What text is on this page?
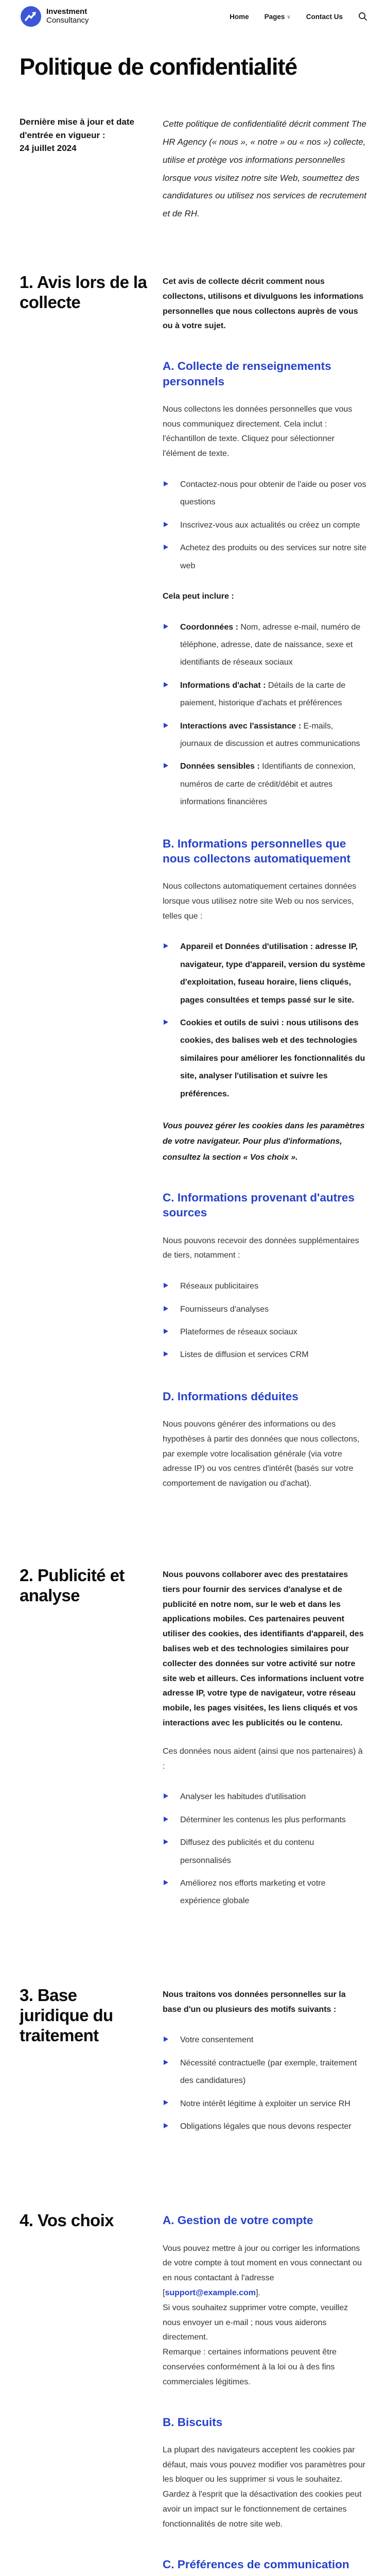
Investment
Consultancy	Home Pages ∨ Contact Us
Politique de confidentialité
Dernière mise à jour et date d'entrée en vigueur :
24 juillet 2024

Cette politique de confidentialité décrit comment The HR Agency (« nous », « notre » ou « nos ») collecte, utilise et protège vos informations personnelles lorsque vous visitez notre site Web, soumettez des candidatures ou utilisez nos services de recrutement et de RH.

1. Avis lors de la collecte

Cet avis de collecte décrit comment nous collectons, utilisons et divulguons les informations personnelles que nous collectons auprès de vous ou à votre sujet.

A. Collecte de renseignements personnels

Nous collectons les données personnelles que vous nous communiquez directement. Cela inclut : l'échantillon de texte. Cliquez pour sélectionner l'élément de texte.

Contactez-nous pour obtenir de l'aide ou poser vos questions
Inscrivez-vous aux actualités ou créez un compte
Achetez des produits ou des services sur notre site web

Cela peut inclure :

Coordonnées : Nom, adresse e-mail, numéro de téléphone, adresse, date de naissance, sexe et identifiants de réseaux sociaux
Informations d'achat : Détails de la carte de paiement, historique d'achats et préférences
Interactions avec l'assistance : E-mails, journaux de discussion et autres communications
Données sensibles : Identifiants de connexion, numéros de carte de crédit/débit et autres informations financières
B. Informations personnelles que nous collectons automatiquement

Nous collectons automatiquement certaines données lorsque vous utilisez notre site Web ou nos services, telles que :

Appareil et Données d'utilisation : adresse IP, navigateur, type d'appareil, version du système d'exploitation, fuseau horaire, liens cliqués, pages consultées et temps passé sur le site.
Cookies et outils de suivi : nous utilisons des cookies, des balises web et des technologies similaires pour améliorer les fonctionnalités du site, analyser l'utilisation et suivre les préférences.

Vous pouvez gérer les cookies dans les paramètres de votre navigateur. Pour plus d'informations, consultez la section « Vos choix ».

C. Informations provenant d'autres sources

Nous pouvons recevoir des données supplémentaires de tiers, notamment :

Réseaux publicitaires
Fournisseurs d'analyses
Plateformes de réseaux sociaux
Listes de diffusion et services CRM
D. Informations déduites

Nous pouvons générer des informations ou des hypothèses à partir des données que nous collectons, par exemple votre localisation générale (via votre adresse IP) ou vos centres d'intérêt (basés sur votre comportement de navigation ou d'achat).

2. Publicité et analyse

Nous pouvons collaborer avec des prestataires tiers pour fournir des services d'analyse et de publicité en notre nom, sur le web et dans les applications mobiles. Ces partenaires peuvent utiliser des cookies, des identifiants d'appareil, des balises web et des technologies similaires pour collecter des données sur votre activité sur notre site web et ailleurs. Ces informations incluent votre adresse IP, votre type de navigateur, votre réseau mobile, les pages visitées, les liens cliqués et vos interactions avec les publicités ou le contenu.

Ces données nous aident (ainsi que nos partenaires) à :

Analyser les habitudes d'utilisation
Déterminer les contenus les plus performants
Diffusez des publicités et du contenu personnalisés
Améliorez nos efforts marketing et votre expérience globale
3. Base juridique du traitement

Nous traitons vos données personnelles sur la base d'un ou plusieurs des motifs suivants :

Votre consentement
Nécessité contractuelle (par exemple, traitement des candidatures)
Notre intérêt légitime à exploiter un service RH
Obligations légales que nous devons respecter
4. Vos choix	A. Gestion de votre compte

Vous pouvez mettre à jour ou corriger les informations de votre compte à tout moment en vous connectant ou en nous contactant à l'adresse [support@example.com].
Si vous souhaitez supprimer votre compte, veuillez nous envoyer un e-mail ; nous vous aiderons directement.
Remarque : certaines informations peuvent être conservées conformément à la loi ou à des fins commerciales légitimes.

B. Biscuits

La plupart des navigateurs acceptent les cookies par défaut, mais vous pouvez modifier vos paramètres pour les bloquer ou les supprimer si vous le souhaitez. Gardez à l'esprit que la désactivation des cookies peut avoir un impact sur le fonctionnement de certaines fonctionnalités de notre site web.

C. Préférences de communication
